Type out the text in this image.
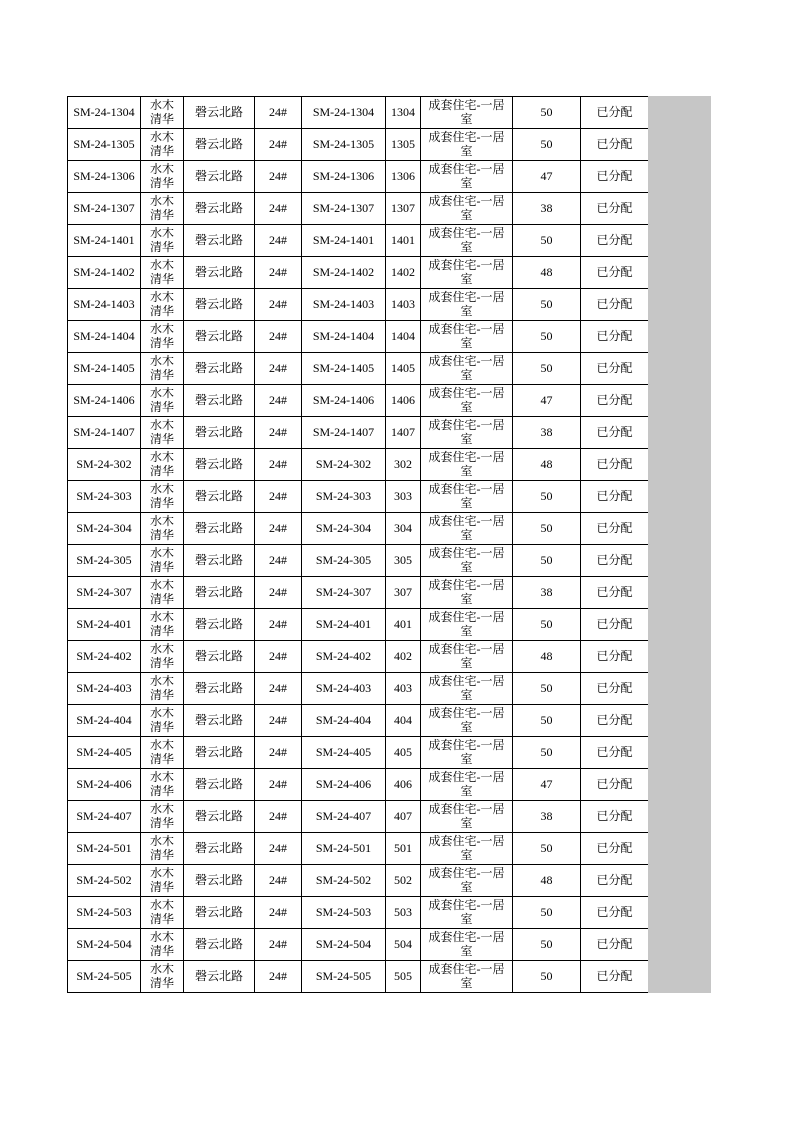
SM-24-1304	水木清华	磬云北路	24#	SM-24-1304	1304	成套住宅-一居室	50	已分配
SM-24-1305	水木清华	磬云北路	24#	SM-24-1305	1305	成套住宅-一居室	50	已分配
SM-24-1306	水木清华	磬云北路	24#	SM-24-1306	1306	成套住宅-一居室	47	已分配
SM-24-1307	水木清华	磬云北路	24#	SM-24-1307	1307	成套住宅-一居室	38	已分配
SM-24-1401	水木清华	磬云北路	24#	SM-24-1401	1401	成套住宅-一居室	50	已分配
SM-24-1402	水木清华	磬云北路	24#	SM-24-1402	1402	成套住宅-一居室	48	已分配
SM-24-1403	水木清华	磬云北路	24#	SM-24-1403	1403	成套住宅-一居室	50	已分配
SM-24-1404	水木清华	磬云北路	24#	SM-24-1404	1404	成套住宅-一居室	50	已分配
SM-24-1405	水木清华	磬云北路	24#	SM-24-1405	1405	成套住宅-一居室	50	已分配
SM-24-1406	水木清华	磬云北路	24#	SM-24-1406	1406	成套住宅-一居室	47	已分配
SM-24-1407	水木清华	磬云北路	24#	SM-24-1407	1407	成套住宅-一居室	38	已分配
SM-24-302	水木清华	磬云北路	24#	SM-24-302	302	成套住宅-一居室	48	已分配
SM-24-303	水木清华	磬云北路	24#	SM-24-303	303	成套住宅-一居室	50	已分配
SM-24-304	水木清华	磬云北路	24#	SM-24-304	304	成套住宅-一居室	50	已分配
SM-24-305	水木清华	磬云北路	24#	SM-24-305	305	成套住宅-一居室	50	已分配
SM-24-307	水木清华	磬云北路	24#	SM-24-307	307	成套住宅-一居室	38	已分配
SM-24-401	水木清华	磬云北路	24#	SM-24-401	401	成套住宅-一居室	50	已分配
SM-24-402	水木清华	磬云北路	24#	SM-24-402	402	成套住宅-一居室	48	已分配
SM-24-403	水木清华	磬云北路	24#	SM-24-403	403	成套住宅-一居室	50	已分配
SM-24-404	水木清华	磬云北路	24#	SM-24-404	404	成套住宅-一居室	50	已分配
SM-24-405	水木清华	磬云北路	24#	SM-24-405	405	成套住宅-一居室	50	已分配
SM-24-406	水木清华	磬云北路	24#	SM-24-406	406	成套住宅-一居室	47	已分配
SM-24-407	水木清华	磬云北路	24#	SM-24-407	407	成套住宅-一居室	38	已分配
SM-24-501	水木清华	磬云北路	24#	SM-24-501	501	成套住宅-一居室	50	已分配
SM-24-502	水木清华	磬云北路	24#	SM-24-502	502	成套住宅-一居室	48	已分配
SM-24-503	水木清华	磬云北路	24#	SM-24-503	503	成套住宅-一居室	50	已分配
SM-24-504	水木清华	磬云北路	24#	SM-24-504	504	成套住宅-一居室	50	已分配
SM-24-505	水木清华	磬云北路	24#	SM-24-505	505	成套住宅-一居室	50	已分配
